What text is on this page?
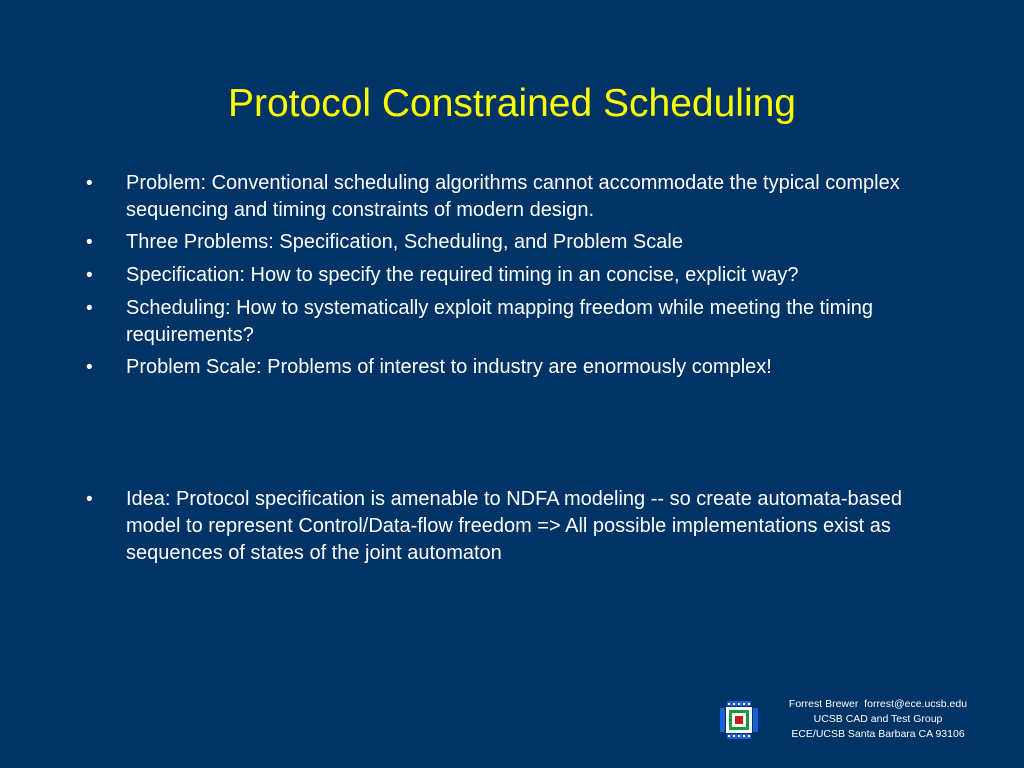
Protocol Constrained Scheduling
• Problem: Conventional scheduling algorithms cannot accommodate the typical complex sequencing and timing constraints of modern design.
• Three Problems: Specification, Scheduling, and Problem Scale
• Specification: How to specify the required timing in an concise, explicit way?
• Scheduling: How to systematically exploit mapping freedom while meeting the timing requirements?
• Problem Scale: Problems of interest to industry are enormously complex!
• Idea: Protocol specification is amenable to NDFA modeling -- so create automata-based model to represent Control/Data-flow freedom => All possible implementations exist as sequences of states of the joint automaton
Forrest Brewer  forrest@ece.ucsb.edu
UCSB CAD and Test Group
ECE/UCSB Santa Barbara CA 93106
